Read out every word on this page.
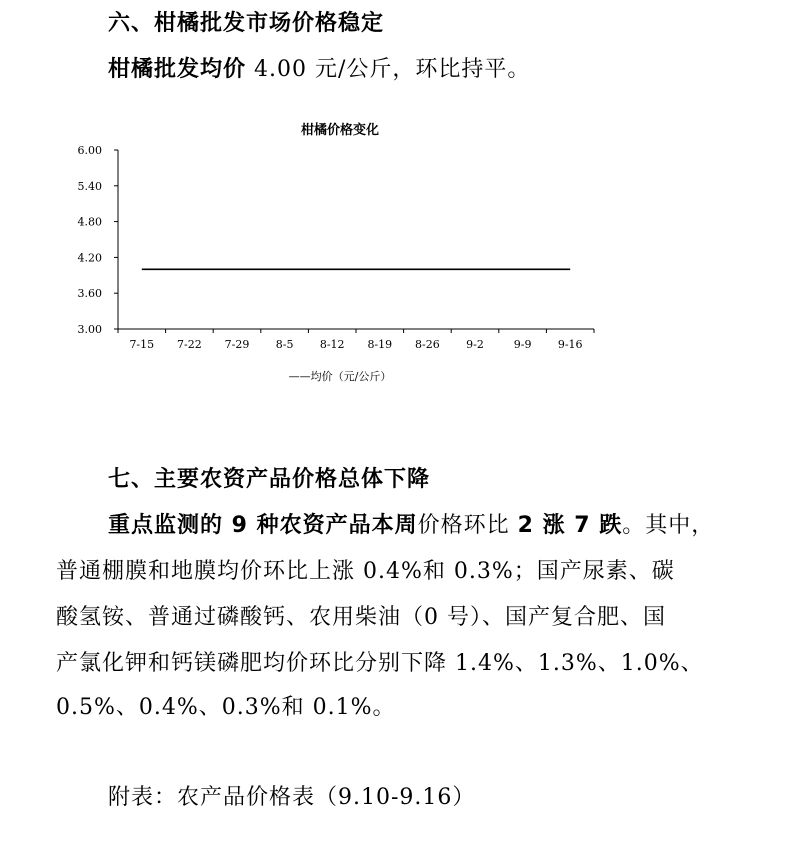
六、柑橘批发市场价格稳定
柑橘批发均价 4.00 元/公斤，环比持平。
柑橘价格变化
3.00
3.60
4.20
4.80
5.40
6.00
7-15 7-22 7-29 8-5 8-12 8-19 8-26 9-2	9-9 9-16
——均价（元/公斤）
七、主要农资产品价格总体下降
重点监测的 9 种农资产品本周价格环比 2 涨 7 跌。其中，
普通棚膜和地膜均价环比上涨 0.4%和 0.3%；国产尿素、碳
酸氢铵、普通过磷酸钙、农用柴油（0 号）、国产复合肥、国
产氯化钾和钙镁磷肥均价环比分别下降 1.4%、1.3%、1.0%、
0.5%、0.4%、0.3%和 0.1%。
附表：农产品价格表（9.10-9.16）
